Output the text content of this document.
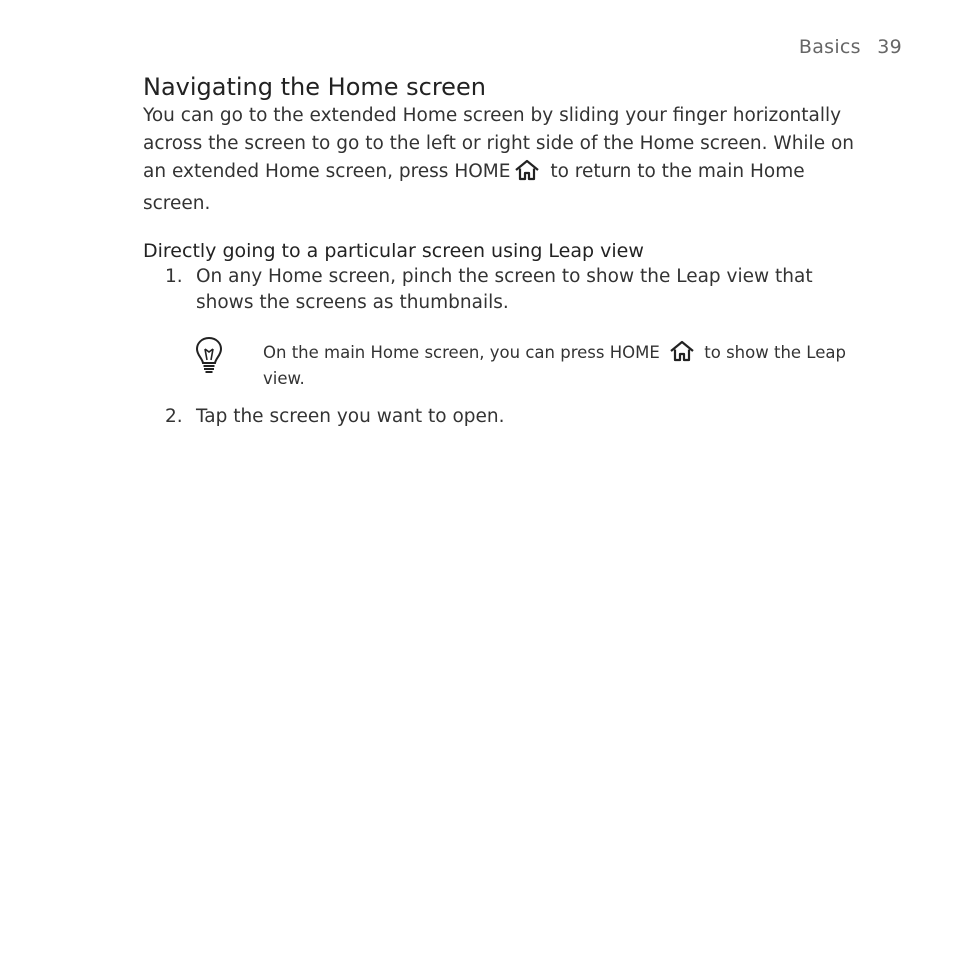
Basics 39
Navigating the Home screen

You can go to the extended Home screen by sliding your finger horizontally across the screen to go to the left or right side of the Home screen. While on an extended Home screen, press HOME to return to the main Home screen.

Directly going to a particular screen using Leap view
1. On any Home screen, pinch the screen to show the Leap view that shows the screens as thumbnails.
On the main Home screen, you can press HOME  to show the Leap view.
2. Tap the screen you want to open.
